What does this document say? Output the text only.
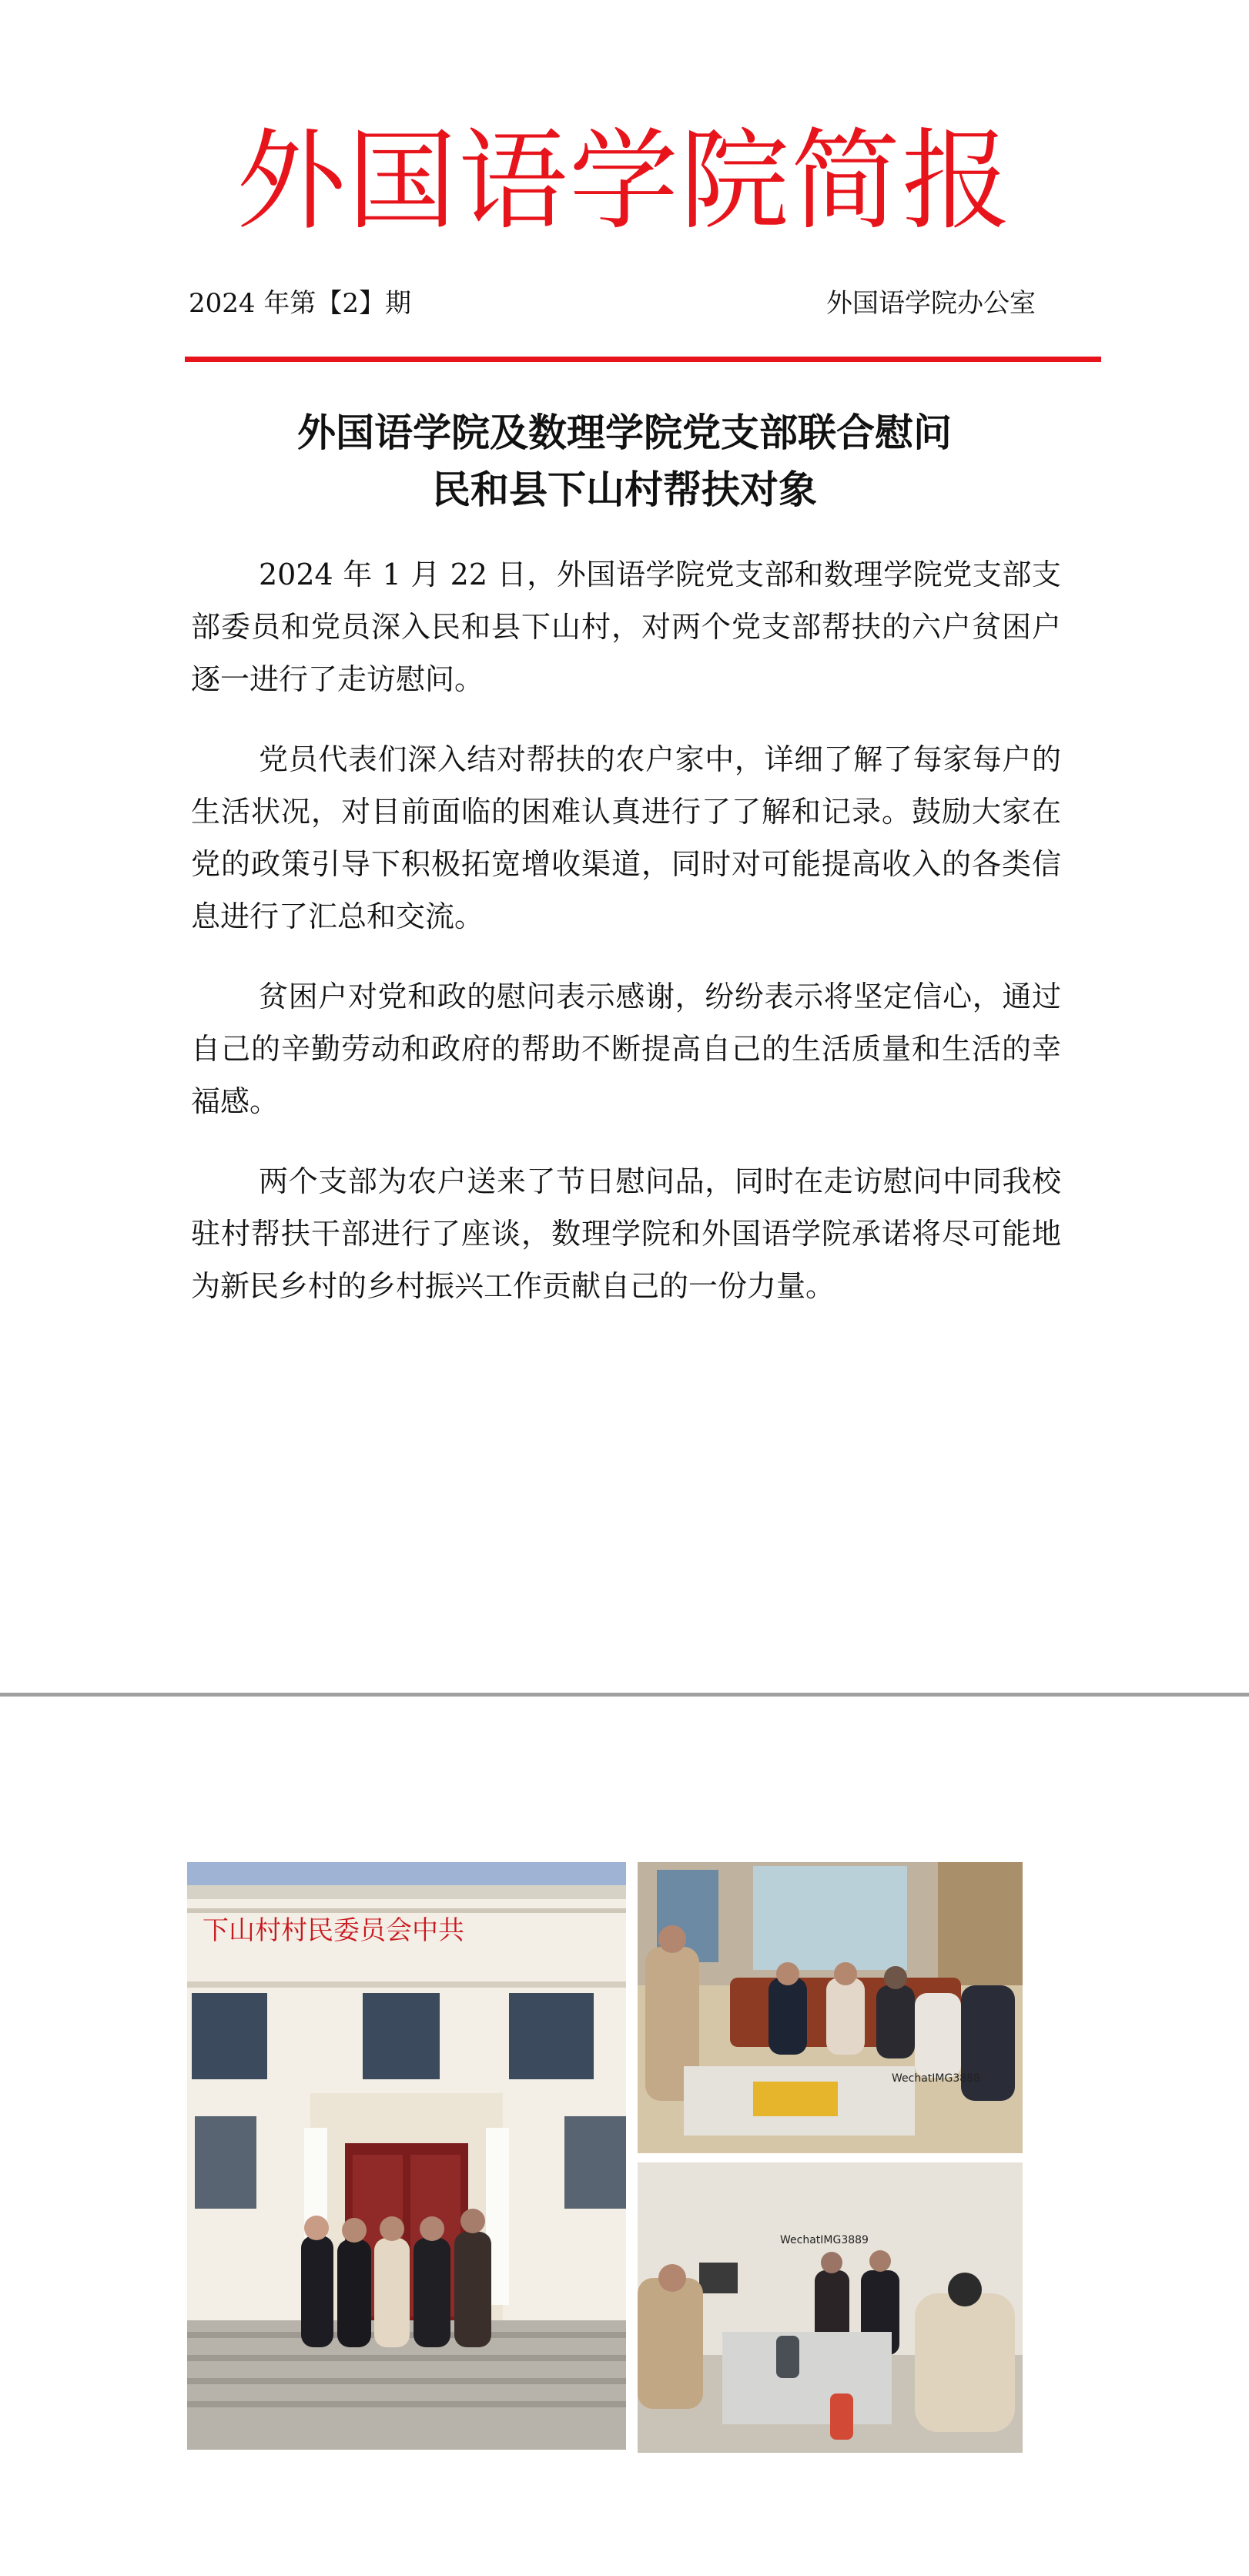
外国语学院简报
2024 年第【2】期	外国语学院办公室
外国语学院及数理学院党支部联合慰问
民和县下山村帮扶对象

2024 年 1 月 22 日，外国语学院党支部和数理学院党支部支部委员和党员深入民和县下山村，对两个党支部帮扶的六户贫困户逐一进行了走访慰问。

党员代表们深入结对帮扶的农户家中，详细了解了每家每户的生活状况，对目前面临的困难认真进行了了解和记录。鼓励大家在党的政策引导下积极拓宽增收渠道，同时对可能提高收入的各类信息进行了汇总和交流。

贫困户对党和政的慰问表示感谢，纷纷表示将坚定信心，通过自己的辛勤劳动和政府的帮助不断提高自己的生活质量和生活的幸福感。

两个支部为农户送来了节日慰问品，同时在走访慰问中同我校驻村帮扶干部进行了座谈，数理学院和外国语学院承诺将尽可能地为新民乡村的乡村振兴工作贡献自己的一份力量。

下山村村民委员会中共
WechatIMG3888
WechatIMG3889
